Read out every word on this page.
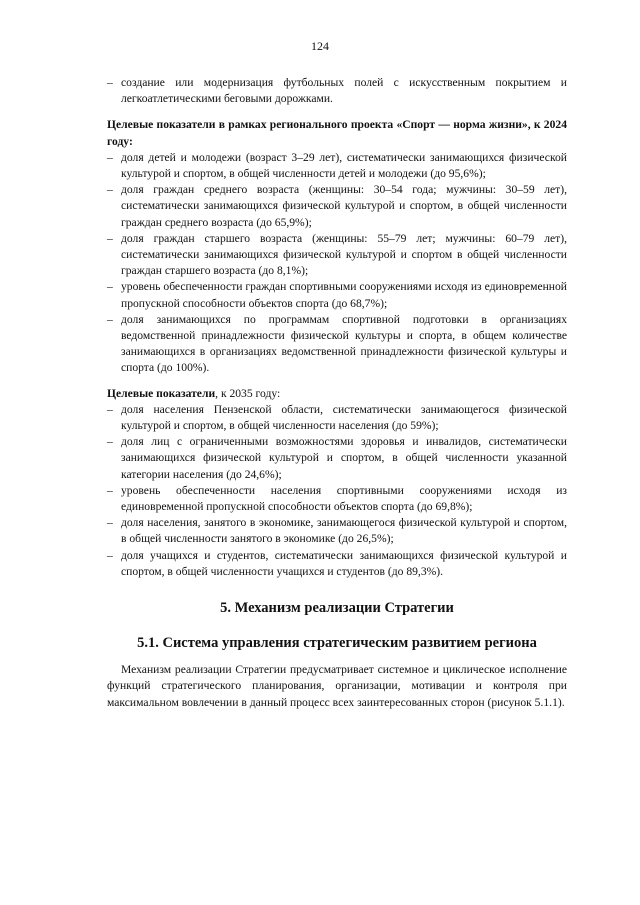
124
– создание или модернизация футбольных полей с искусственным покрытием и легкоатлетическими беговыми дорожками.
Целевые показатели в рамках регионального проекта «Спорт — норма жизни», к 2024 году:
– доля детей и молодежи (возраст 3–29 лет), систематически занимающихся физической культурой и спортом, в общей численности детей и молодежи (до 95,6%);
– доля граждан среднего возраста (женщины: 30–54 года; мужчины: 30–59 лет), систематически занимающихся физической культурой и спортом, в общей численности граждан среднего возраста (до 65,9%);
– доля граждан старшего возраста (женщины: 55–79 лет; мужчины: 60–79 лет), систематически занимающихся физической культурой и спортом в общей численности граждан старшего возраста (до 8,1%);
– уровень обеспеченности граждан спортивными сооружениями исходя из единовременной пропускной способности объектов спорта (до 68,7%);
– доля занимающихся по программам спортивной подготовки в организациях ведомственной принадлежности физической культуры и спорта, в общем количестве занимающихся в организациях ведомственной принадлежности физической культуры и спорта (до 100%).
Целевые показатели, к 2035 году:
– доля населения Пензенской области, систематически занимающегося физической культурой и спортом, в общей численности населения (до 59%);
– доля лиц с ограниченными возможностями здоровья и инвалидов, систематически занимающихся физической культурой и спортом, в общей численности указанной категории населения (до 24,6%);
– уровень обеспеченности населения спортивными сооружениями исходя из единовременной пропускной способности объектов спорта (до 69,8%);
– доля населения, занятого в экономике, занимающегося физической культурой и спортом, в общей численности занятого в экономике (до 26,5%);
– доля учащихся и студентов, систематически занимающихся физической культурой и спортом, в общей численности учащихся и студентов (до 89,3%).
5. Механизм реализации Стратегии
5.1. Система управления стратегическим развитием региона

Механизм реализации Стратегии предусматривает системное и циклическое исполнение функций стратегического планирования, организации, мотивации и контроля при максимальном вовлечении в данный процесс всех заинтересованных сторон (рисунок 5.1.1).
